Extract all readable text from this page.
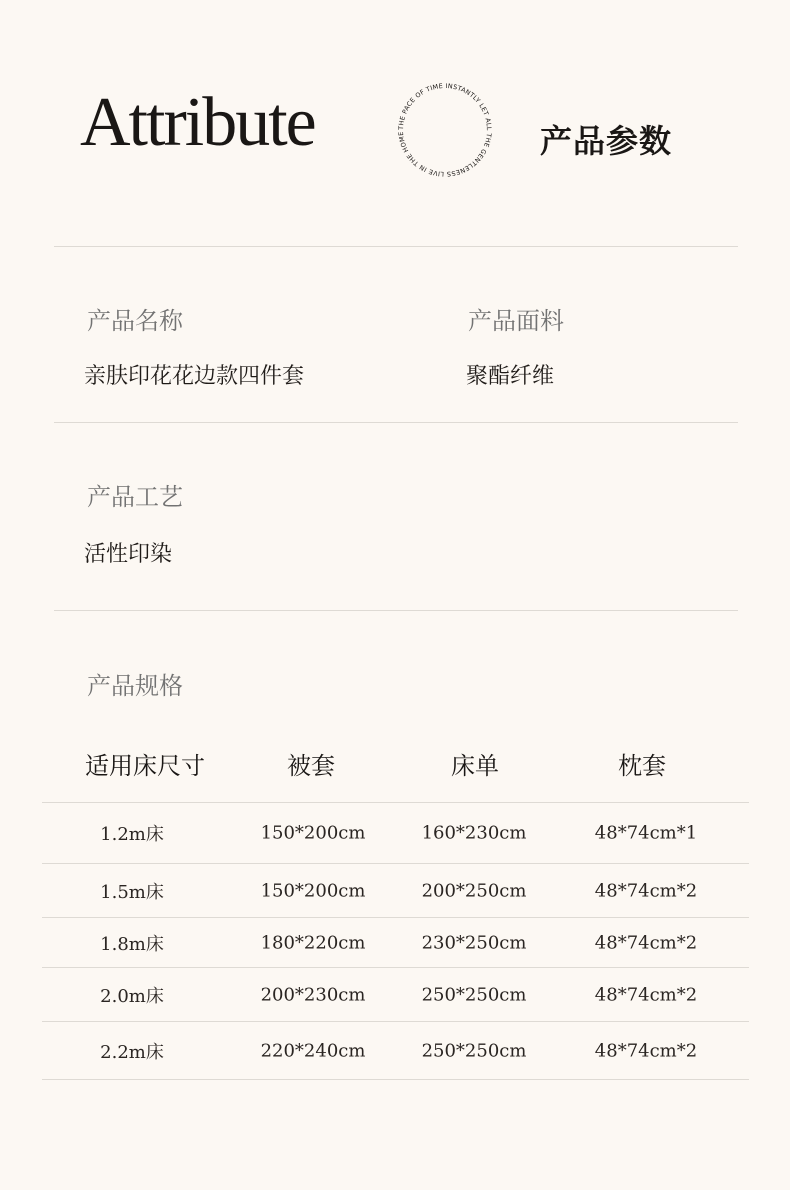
Attribute	THE PACE OF TIME INSTANTLY LET ALL THE GENTLENESS LIVE IN THE HOME	产品参数
产品名称
亲肤印花花边款四件套
产品面料
聚酯纤维
产品工艺
活性印染
产品规格
适用床尺寸	被套	床单	枕套
1.2m床	150*200cm	160*230cm	48*74cm*1
1.5m床	150*200cm	200*250cm	48*74cm*2
1.8m床	180*220cm	230*250cm	48*74cm*2
2.0m床	200*230cm	250*250cm	48*74cm*2
2.2m床	220*240cm	250*250cm	48*74cm*2
